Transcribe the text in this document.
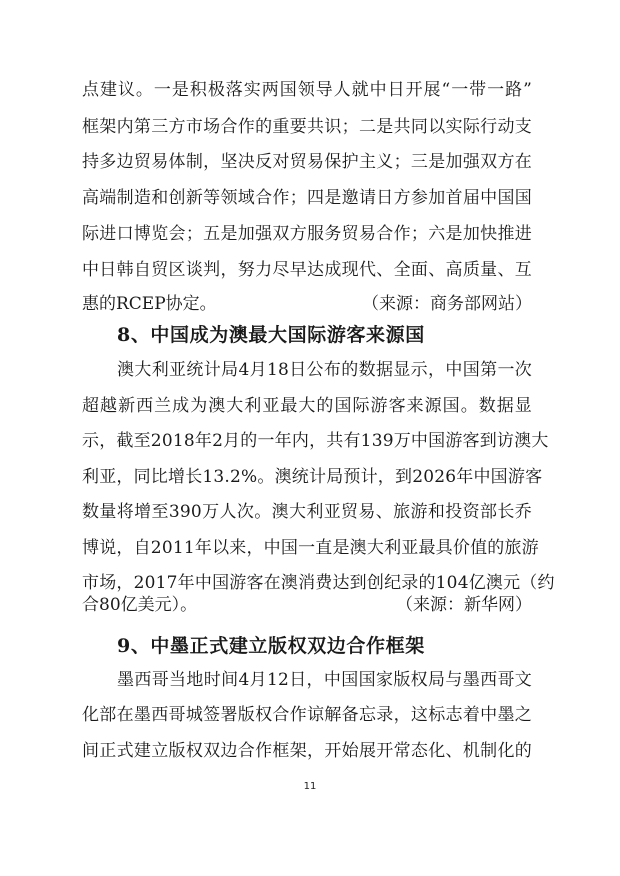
点建议。一是积极落实两国领导人就中日开展“一带一路”
框架内第三方市场合作的重要共识；二是共同以实际行动支
持多边贸易体制，坚决反对贸易保护主义；三是加强双方在
高端制造和创新等领域合作；四是邀请日方参加首届中国国
际进口博览会；五是加强双方服务贸易合作；六是加快推进
中日韩自贸区谈判，努力尽早达成现代、全面、高质量、互
惠的RCEP协定。	（来源：商务部网站）
8、中国成为澳最大国际游客来源国
澳大利亚统计局4月18日公布的数据显示，中国第一次
超越新西兰成为澳大利亚最大的国际游客来源国。数据显
示，截至2018年2月的一年内，共有139万中国游客到访澳大
利亚，同比增长13.2%。澳统计局预计，到2026年中国游客
数量将增至390万人次。澳大利亚贸易、旅游和投资部长乔
博说，自2011年以来，中国一直是澳大利亚最具价值的旅游
市场，2017年中国游客在澳消费达到创纪录的104亿澳元（约
合80亿美元）。	（来源：新华网）
9、中墨正式建立版权双边合作框架
墨西哥当地时间4月12日，中国国家版权局与墨西哥文
化部在墨西哥城签署版权合作谅解备忘录，这标志着中墨之
间正式建立版权双边合作框架，开始展开常态化、机制化的
11
